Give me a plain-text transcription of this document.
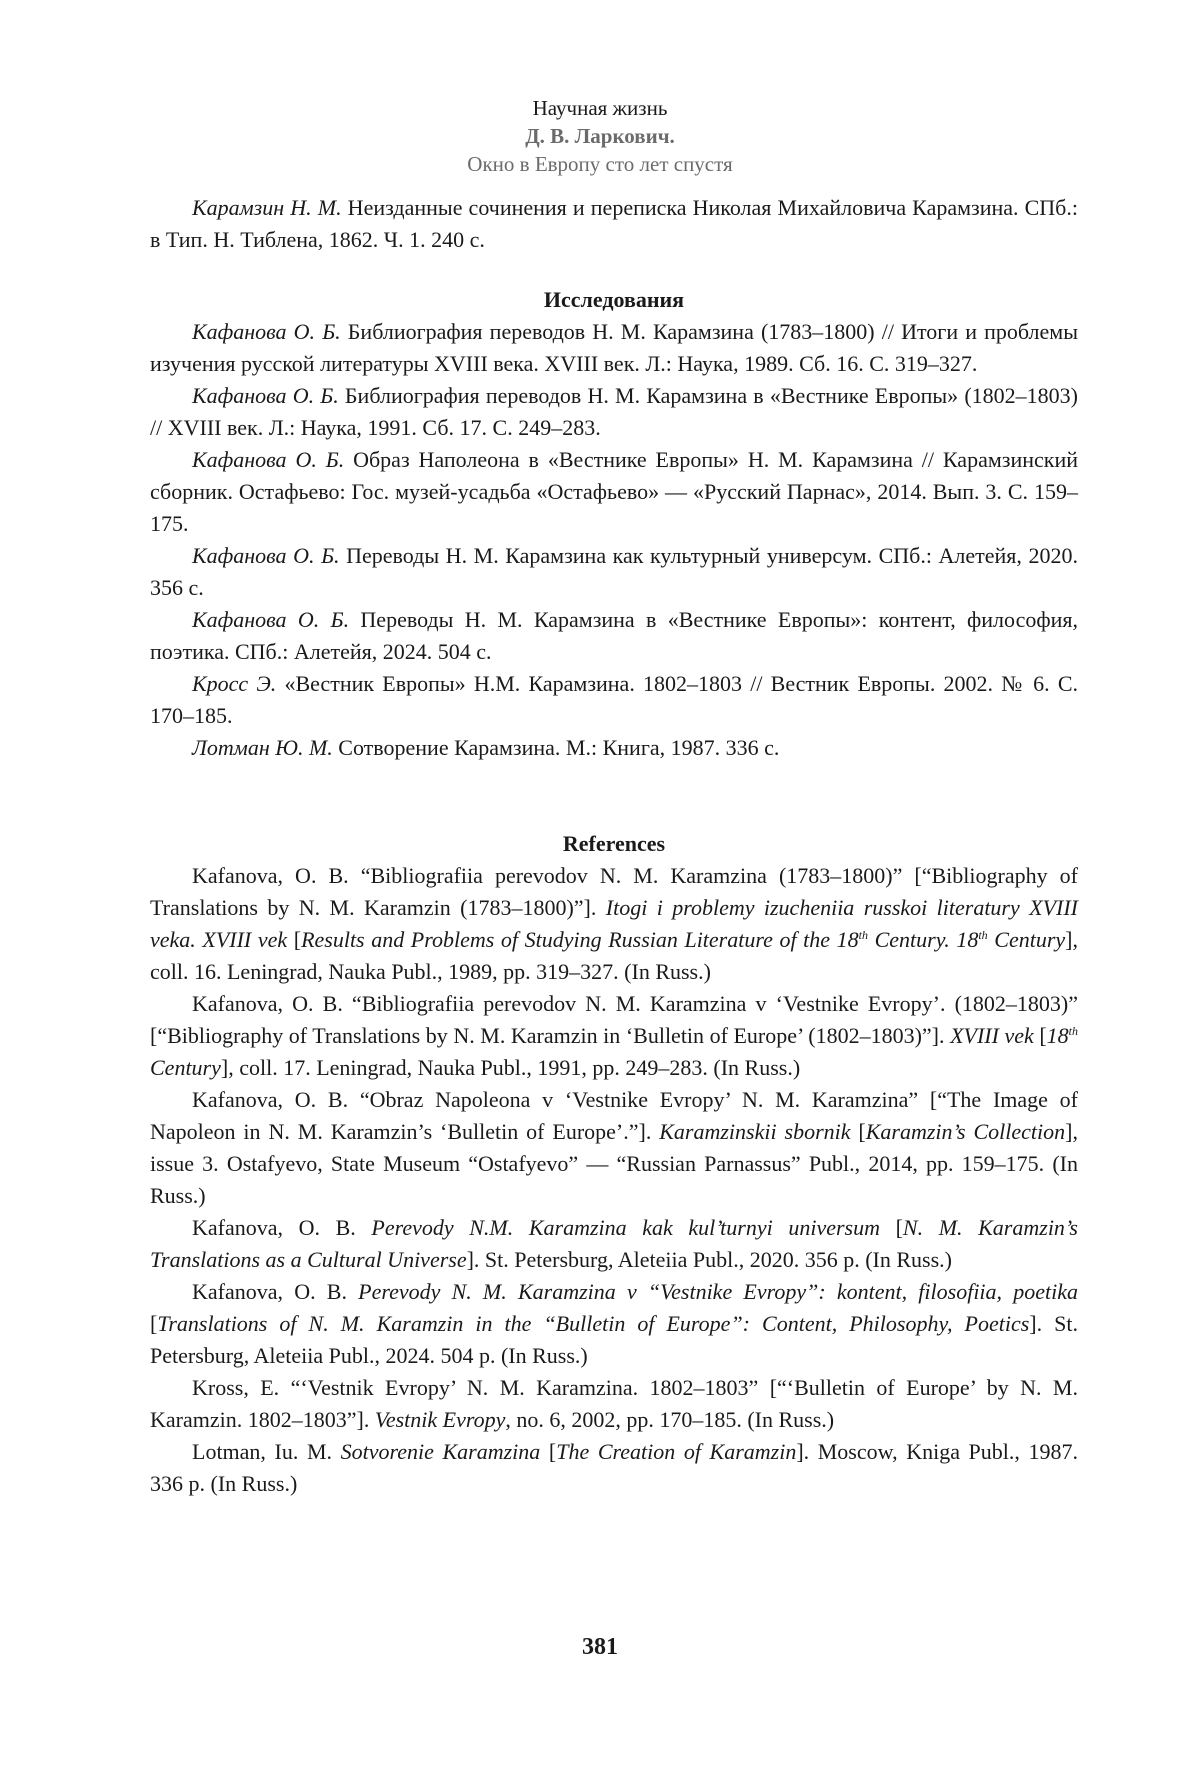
Научная жизнь
Д. В. Ларкович.
Окно в Европу сто лет спустя

Карамзин Н. М. Неизданные сочинения и переписка Николая Михайловича Карамзина. СПб.: в Тип. Н. Тиблена, 1862. Ч. 1. 240 с.

Исследования

Кафанова О. Б. Библиография переводов Н. М. Карамзина (1783–1800) // Итоги и проблемы изучения русской литературы XVIII века. XVIII век. Л.: Наука, 1989. Сб. 16. С. 319–327.

Кафанова О. Б. Библиография переводов Н. М. Карамзина в «Вестнике Европы» (1802–1803) // XVIII век. Л.: Наука, 1991. Сб. 17. С. 249–283.

Кафанова О. Б. Образ Наполеона в «Вестнике Европы» Н. М. Карамзина // Карамзинский сборник. Остафьево: Гос. музей-усадьба «Остафьево» — «Русский Парнас», 2014. Вып. 3. С. 159–175.

Кафанова О. Б. Переводы Н. М. Карамзина как культурный универсум. СПб.: Алетейя, 2020. 356 с.

Кафанова О. Б. Переводы Н. М. Карамзина в «Вестнике Европы»: контент, философия, поэтика. СПб.: Алетейя, 2024. 504 с.

Кросс Э. «Вестник Европы» Н.М. Карамзина. 1802–1803 // Вестник Европы. 2002. № 6. С. 170–185.

Лотман Ю. М. Сотворение Карамзина. М.: Книга, 1987. 336 с.

References

Kafanova, O. B. “Bibliografiia perevodov N. M. Karamzina (1783–1800)” [“Bibliography of Translations by N. M. Karamzin (1783–1800)”]. Itogi i problemy izucheniia russkoi literatury XVIII veka. XVIII vek [Results and Problems of Studying Russian Literature of the 18th Century. 18th Century], coll. 16. Leningrad, Nauka Publ., 1989, pp. 319–327. (In Russ.)

Kafanova, O. B. “Bibliografiia perevodov N. M. Karamzina v ʻVestnike Evropy’. (1802–1803)” [“Bibliography of Translations by N. M. Karamzin in ʻBulletin of Europe’ (1802–1803)”]. XVIII vek [18th Century], coll. 17. Leningrad, Nauka Publ., 1991, pp. 249–283. (In Russ.)

Kafanova, O. B. “Obraz Napoleona v ʻVestnike Evropy’ N. M. Karamzina” [“The Image of Napoleon in N. M. Karamzin’s ʻBulletin of Europe’.”]. Karamzinskii sbornik [Karamzin’s Collection], issue 3. Ostafyevo, State Museum “Ostafyevo” — “Russian Parnassus” Publ., 2014, pp. 159–175. (In Russ.)

Kafanova, O. B. Perevody N.M. Karamzina kak kul’turnyi universum [N. M. Karamzin’s Translations as a Cultural Universe]. St. Petersburg, Aleteiia Publ., 2020. 356 p. (In Russ.)

Kafanova, O. B. Perevody N. M. Karamzina v “Vestnike Evropy”: kontent, filosofiia, poetika [Translations of N. M. Karamzin in the “Bulletin of Europe”: Content, Philosophy, Poetics]. St. Petersburg, Aleteiia Publ., 2024. 504 p. (In Russ.)

Kross, E. “ʻVestnik Evropy’ N. M. Karamzina. 1802–1803” [“ʻBulletin of Europe’ by N. M. Karamzin. 1802–1803”]. Vestnik Evropy, no. 6, 2002, pp. 170–185. (In Russ.)

Lotman, Iu. M. Sotvorenie Karamzina [The Creation of Karamzin]. Moscow, Kniga Publ., 1987. 336 p. (In Russ.)

381
